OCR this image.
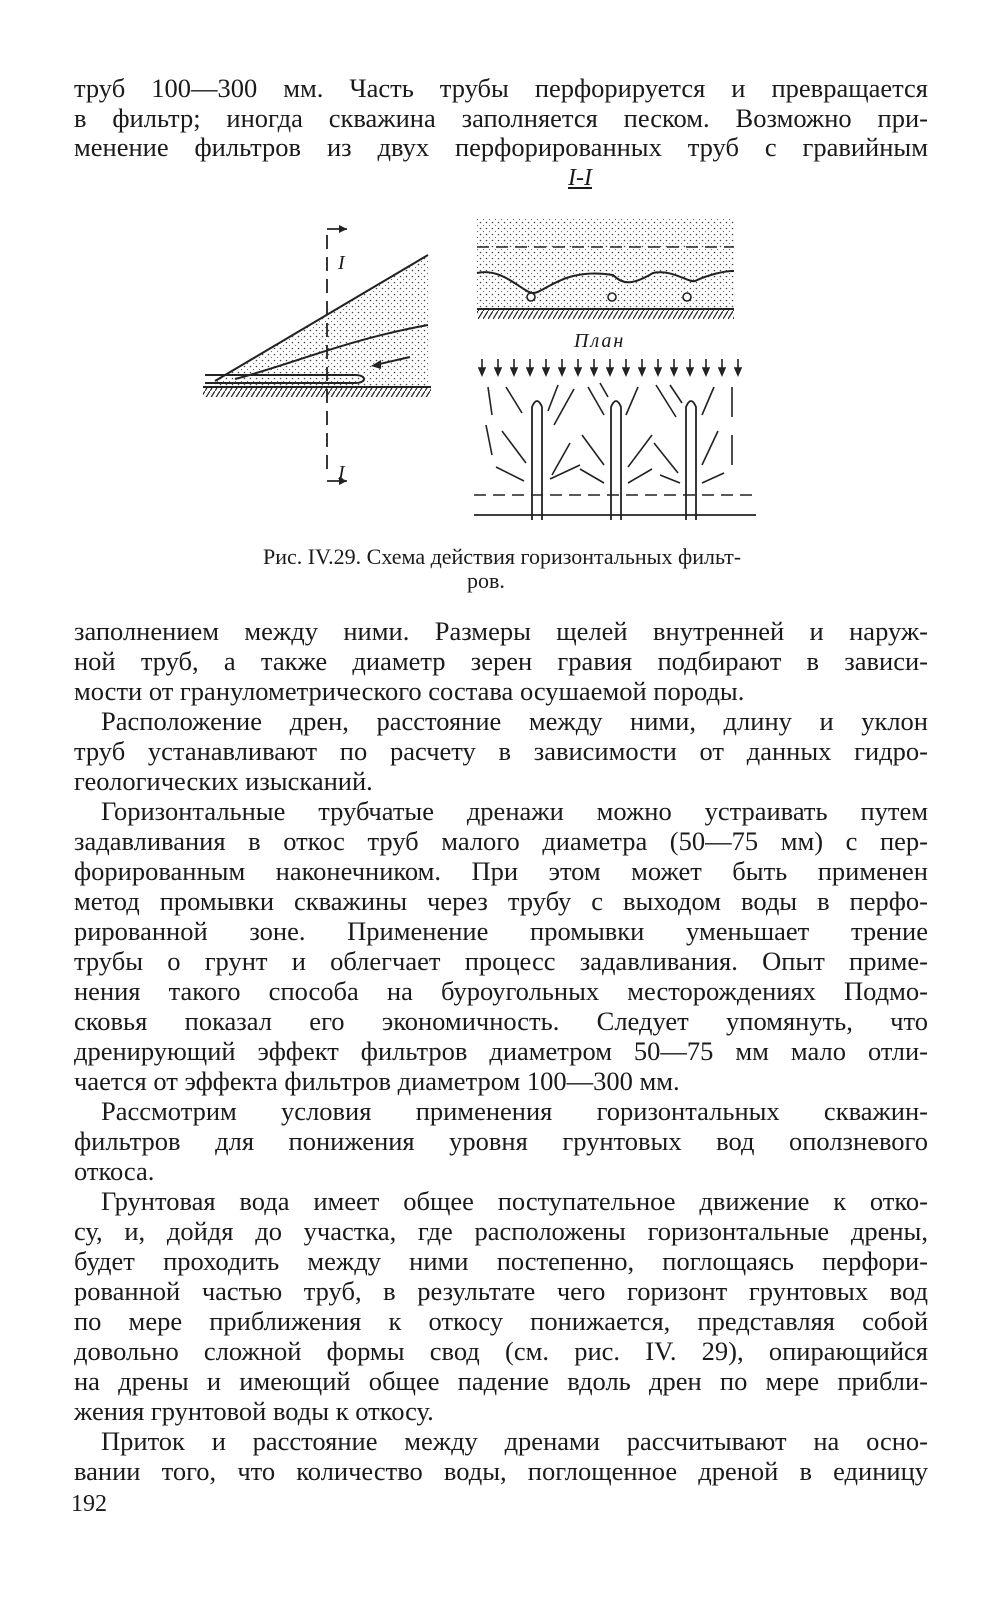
труб 100—300 мм. Часть трубы перфорируется и превращается
в фильтр; иногда скважина заполняется песком. Возможно при-
менение фильтров из двух перфорированных труб с гравийным
I-I
I
I
План
Рис. IV.29. Схема действия горизонтальных фильт-
ров.
заполнением между ними. Размеры щелей внутренней и наруж-
ной труб, а также диаметр зерен гравия подбирают в зависи-
мости от гранулометрического состава осушаемой породы.
Расположение дрен, расстояние между ними, длину и уклон
труб устанавливают по расчету в зависимости от данных гидро-
геологических изысканий.
Горизонтальные трубчатые дренажи можно устраивать путем
задавливания в откос труб малого диаметра (50—75 мм) с пер-
форированным наконечником. При этом может быть применен
метод промывки скважины через трубу с выходом воды в перфо-
рированной зоне. Применение промывки уменьшает трение
трубы о грунт и облегчает процесс задавливания. Опыт приме-
нения такого способа на буроугольных месторождениях Подмо-
сковья показал его экономичность. Следует упомянуть, что
дренирующий эффект фильтров диаметром 50—75 мм мало отли-
чается от эффекта фильтров диаметром 100—300 мм.
Рассмотрим условия применения горизонтальных скважин-
фильтров для понижения уровня грунтовых вод оползневого
откоса.
Грунтовая вода имеет общее поступательное движение к отко-
су, и, дойдя до участка, где расположены горизонтальные дрены,
будет проходить между ними постепенно, поглощаясь перфори-
рованной частью труб, в результате чего горизонт грунтовых вод
по мере приближения к откосу понижается, представляя собой
довольно сложной формы свод (см. рис. IV. 29), опирающийся
на дрены и имеющий общее падение вдоль дрен по мере прибли-
жения грунтовой воды к откосу.
Приток и расстояние между дренами рассчитывают на осно-
вании того, что количество воды, поглощенное дреной в единицу
192
